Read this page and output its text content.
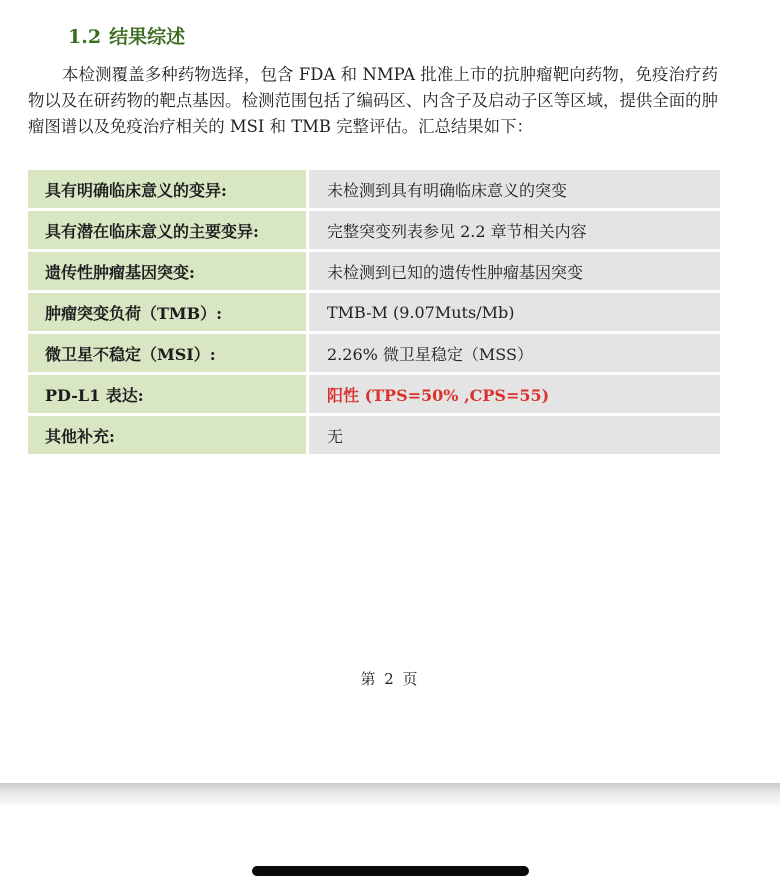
1.2 结果综述

本检测覆盖多种药物选择，包含 FDA 和 NMPA 批准上市的抗肿瘤靶向药物，免疫治疗药物以及在研药物的靶点基因。检测范围包括了编码区、内含子及启动子区等区域，提供全面的肿瘤图谱以及免疫治疗相关的 MSI 和 TMB 完整评估。汇总结果如下：

具有明确临床意义的变异:		未检测到具有明确临床意义的突变
具有潜在临床意义的主要变异:		完整突变列表参见 2.2 章节相关内容
遗传性肿瘤基因突变:		未检测到已知的遗传性肿瘤基因突变
肿瘤突变负荷（TMB）:		TMB-M (9.07Muts/Mb)
微卫星不稳定（MSI）:		2.26% 微卫星稳定（MSS）
PD-L1 表达:		阳性 (TPS=50% ,CPS=55)
其他补充:		无
第 2 页
